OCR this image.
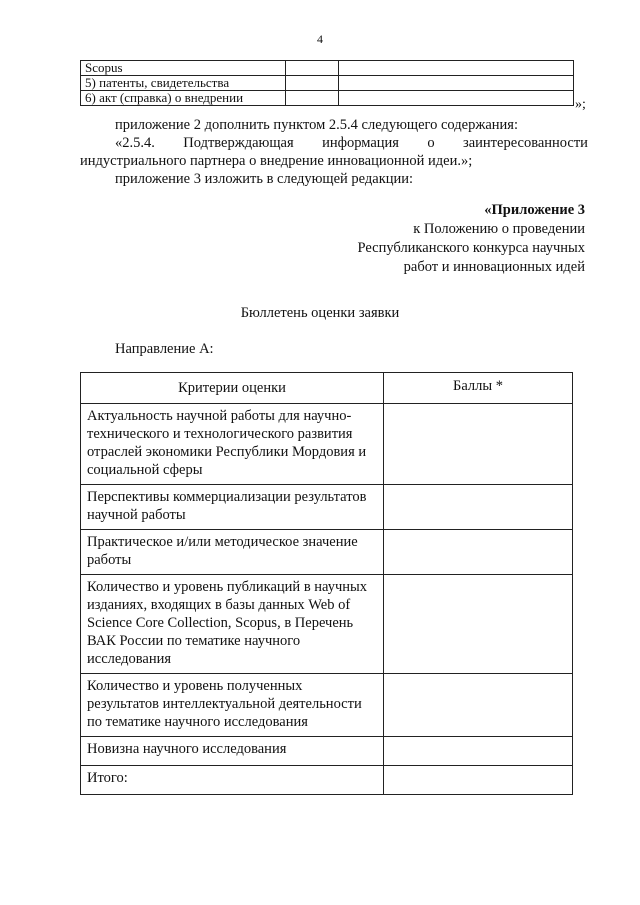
4
Scopus		
5) патенты, свидетельства		
6) акт (справка) о внедрении			»;
приложение 2 дополнить пунктом 2.5.4 следующего содержания:
«2.5.4. Подтверждающая информация о заинтересованности
индустриального партнера о внедрение инновационной идеи.»;
приложение 3 изложить в следующей редакции:
«Приложение 3
к Положению о проведении
Республиканского конкурса научных
работ и инновационных идей
Бюллетень оценки заявки
Направление А:
Критерии оценки	Баллы *
Актуальность научной работы для научно-технического и технологического развития отраслей экономики Республики Мордовия и социальной сферы	
Перспективы коммерциализации результатов научной работы	
Практическое и/или методическое значение работы	
Количество и уровень публикаций в научных изданиях, входящих в базы данных Web of Science Core Collection, Scopus, в Перечень ВАК России по тематике научного исследования	
Количество и уровень полученных результатов интеллектуальной деятельности по тематике научного исследования	
Новизна научного исследования	
Итого:	
